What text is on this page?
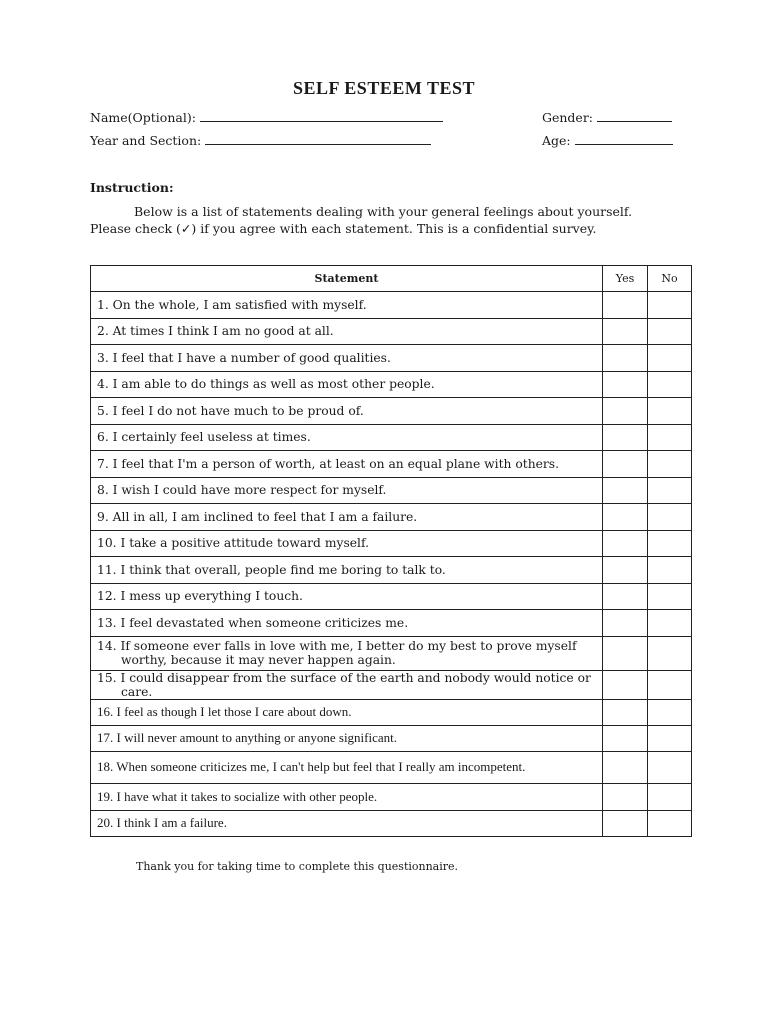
SELF ESTEEM TEST
Name(Optional):
Year and Section:
Gender:
Age:
Instruction:
Below is a list of statements dealing with your general feelings about yourself.
Please check (✓) if you agree with each statement. This is a confidential survey.
Statement	Yes	No
1. On the whole, I am satisfied with myself.		
2. At times I think I am no good at all.		
3. I feel that I have a number of good qualities.		
4. I am able to do things as well as most other people.		
5. I feel I do not have much to be proud of.		
6. I certainly feel useless at times.		
7. I feel that I'm a person of worth, at least on an equal plane with others.		
8. I wish I could have more respect for myself.		
9. All in all, I am inclined to feel that I am a failure.		
10. I take a positive attitude toward myself.		
11. I think that overall, people find me boring to talk to.		
12. I mess up everything I touch.		
13. I feel devastated when someone criticizes me.		

14. If someone ever falls in love with me, I better do my best to prove myself worthy, because it may never happen again.		

15. I could disappear from the surface of the earth and nobody would notice or care.		

16. I feel as though I let those I care about down.		
17. I will never amount to anything or anyone significant.		

18. When someone criticizes me, I can't help but feel that I really am incompetent.		

19. I have what it takes to socialize with other people.		
20. I think I am a failure.		
Thank you for taking time to complete this questionnaire.
